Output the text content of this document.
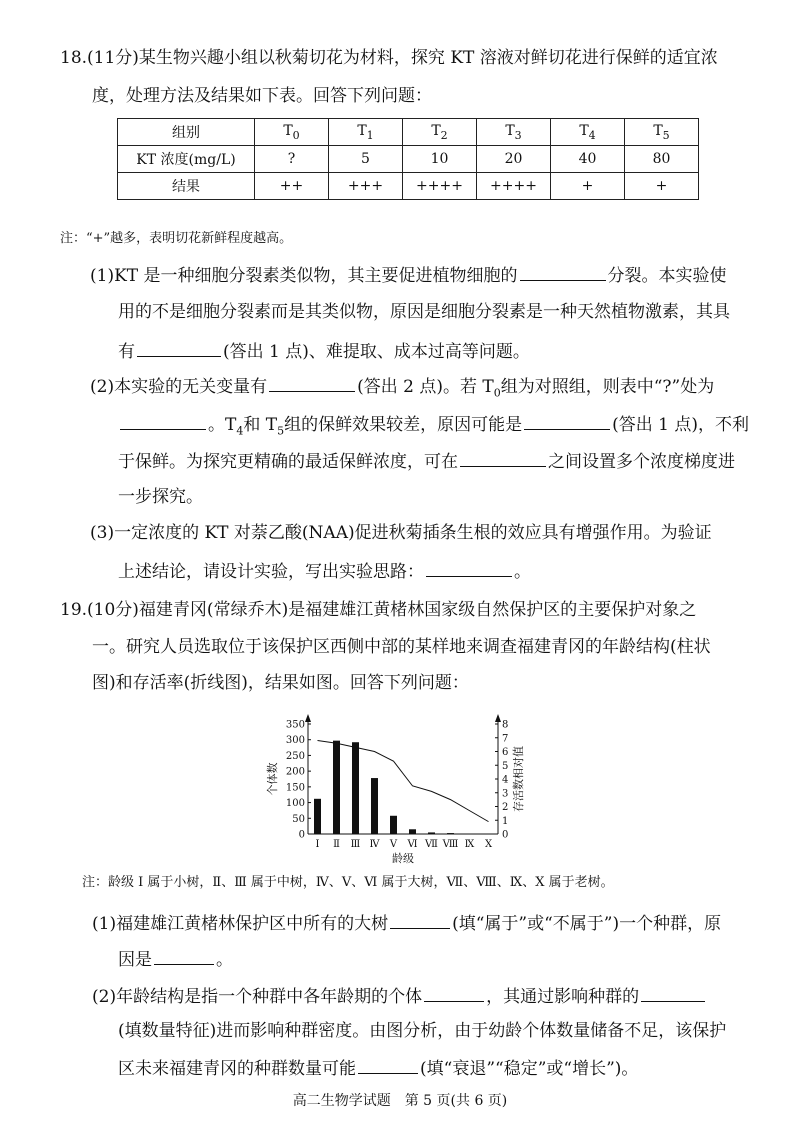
18.(11分)某生物兴趣小组以秋菊切花为材料，探究 KT 溶液对鲜切花进行保鲜的适宜浓
度，处理方法及结果如下表。回答下列问题：
组别	$T_0$	$T_1$	$T_2$	$T_3$	$T_4$	$T_5$
KT 浓度(mg/L)	?	5	10	20	40	80
结果	++	+++	++++	++++	+	+
注：“+”越多，表明切花新鲜程度越高。
(1)KT 是一种细胞分裂素类似物，其主要促进植物细胞的	分裂。本实验使
用的不是细胞分裂素而是其类似物，原因是细胞分裂素是一种天然植物激素，其具
有	(答出 1 点)、难提取、成本过高等问题。
(2)本实验的无关变量有	(答出 2 点)。若 $T_0$组为对照组，则表中“?”处为
。$T_4$和 $T_5$组的保鲜效果较差，原因可能是	(答出 1 点)，不利
于保鲜。为探究更精确的最适保鲜浓度，可在	之间设置多个浓度梯度进
一步探究。
(3)一定浓度的 KT 对萘乙酸(NAA)促进秋菊插条生根的效应具有增强作用。为验证
上述结论，请设计实验，写出实验思路：	。
19.(10分)福建青冈(常绿乔木)是福建雄江黄楮林国家级自然保护区的主要保护对象之
一。研究人员选取位于该保护区西侧中部的某样地来调查福建青冈的年龄结构(柱状
图)和存活率(折线图)，结果如图。回答下列问题：
0
50
100
150
200
250
300
350
0
1
2
3
4
5
6
7
8
Ⅰ Ⅱ Ⅲ Ⅳ Ⅴ Ⅵ Ⅶ Ⅷ Ⅸ Ⅹ
龄级
个体数	存活数相对值
注：龄级 Ⅰ 属于小树，Ⅱ、Ⅲ 属于中树，Ⅳ、Ⅴ、Ⅵ 属于大树，Ⅶ、Ⅷ、Ⅸ、Ⅹ 属于老树。
(1)福建雄江黄楮林保护区中所有的大树	(填“属于”或“不属于”)一个种群，原
因是	。
(2)年龄结构是指一个种群中各年龄期的个体	，其通过影响种群的
(填数量特征)进而影响种群密度。由图分析，由于幼龄个体数量储备不足，该保护
区未来福建青冈的种群数量可能	(填“衰退”“稳定”或“增长”)。
高二生物学试题　第 5 页(共 6 页)
